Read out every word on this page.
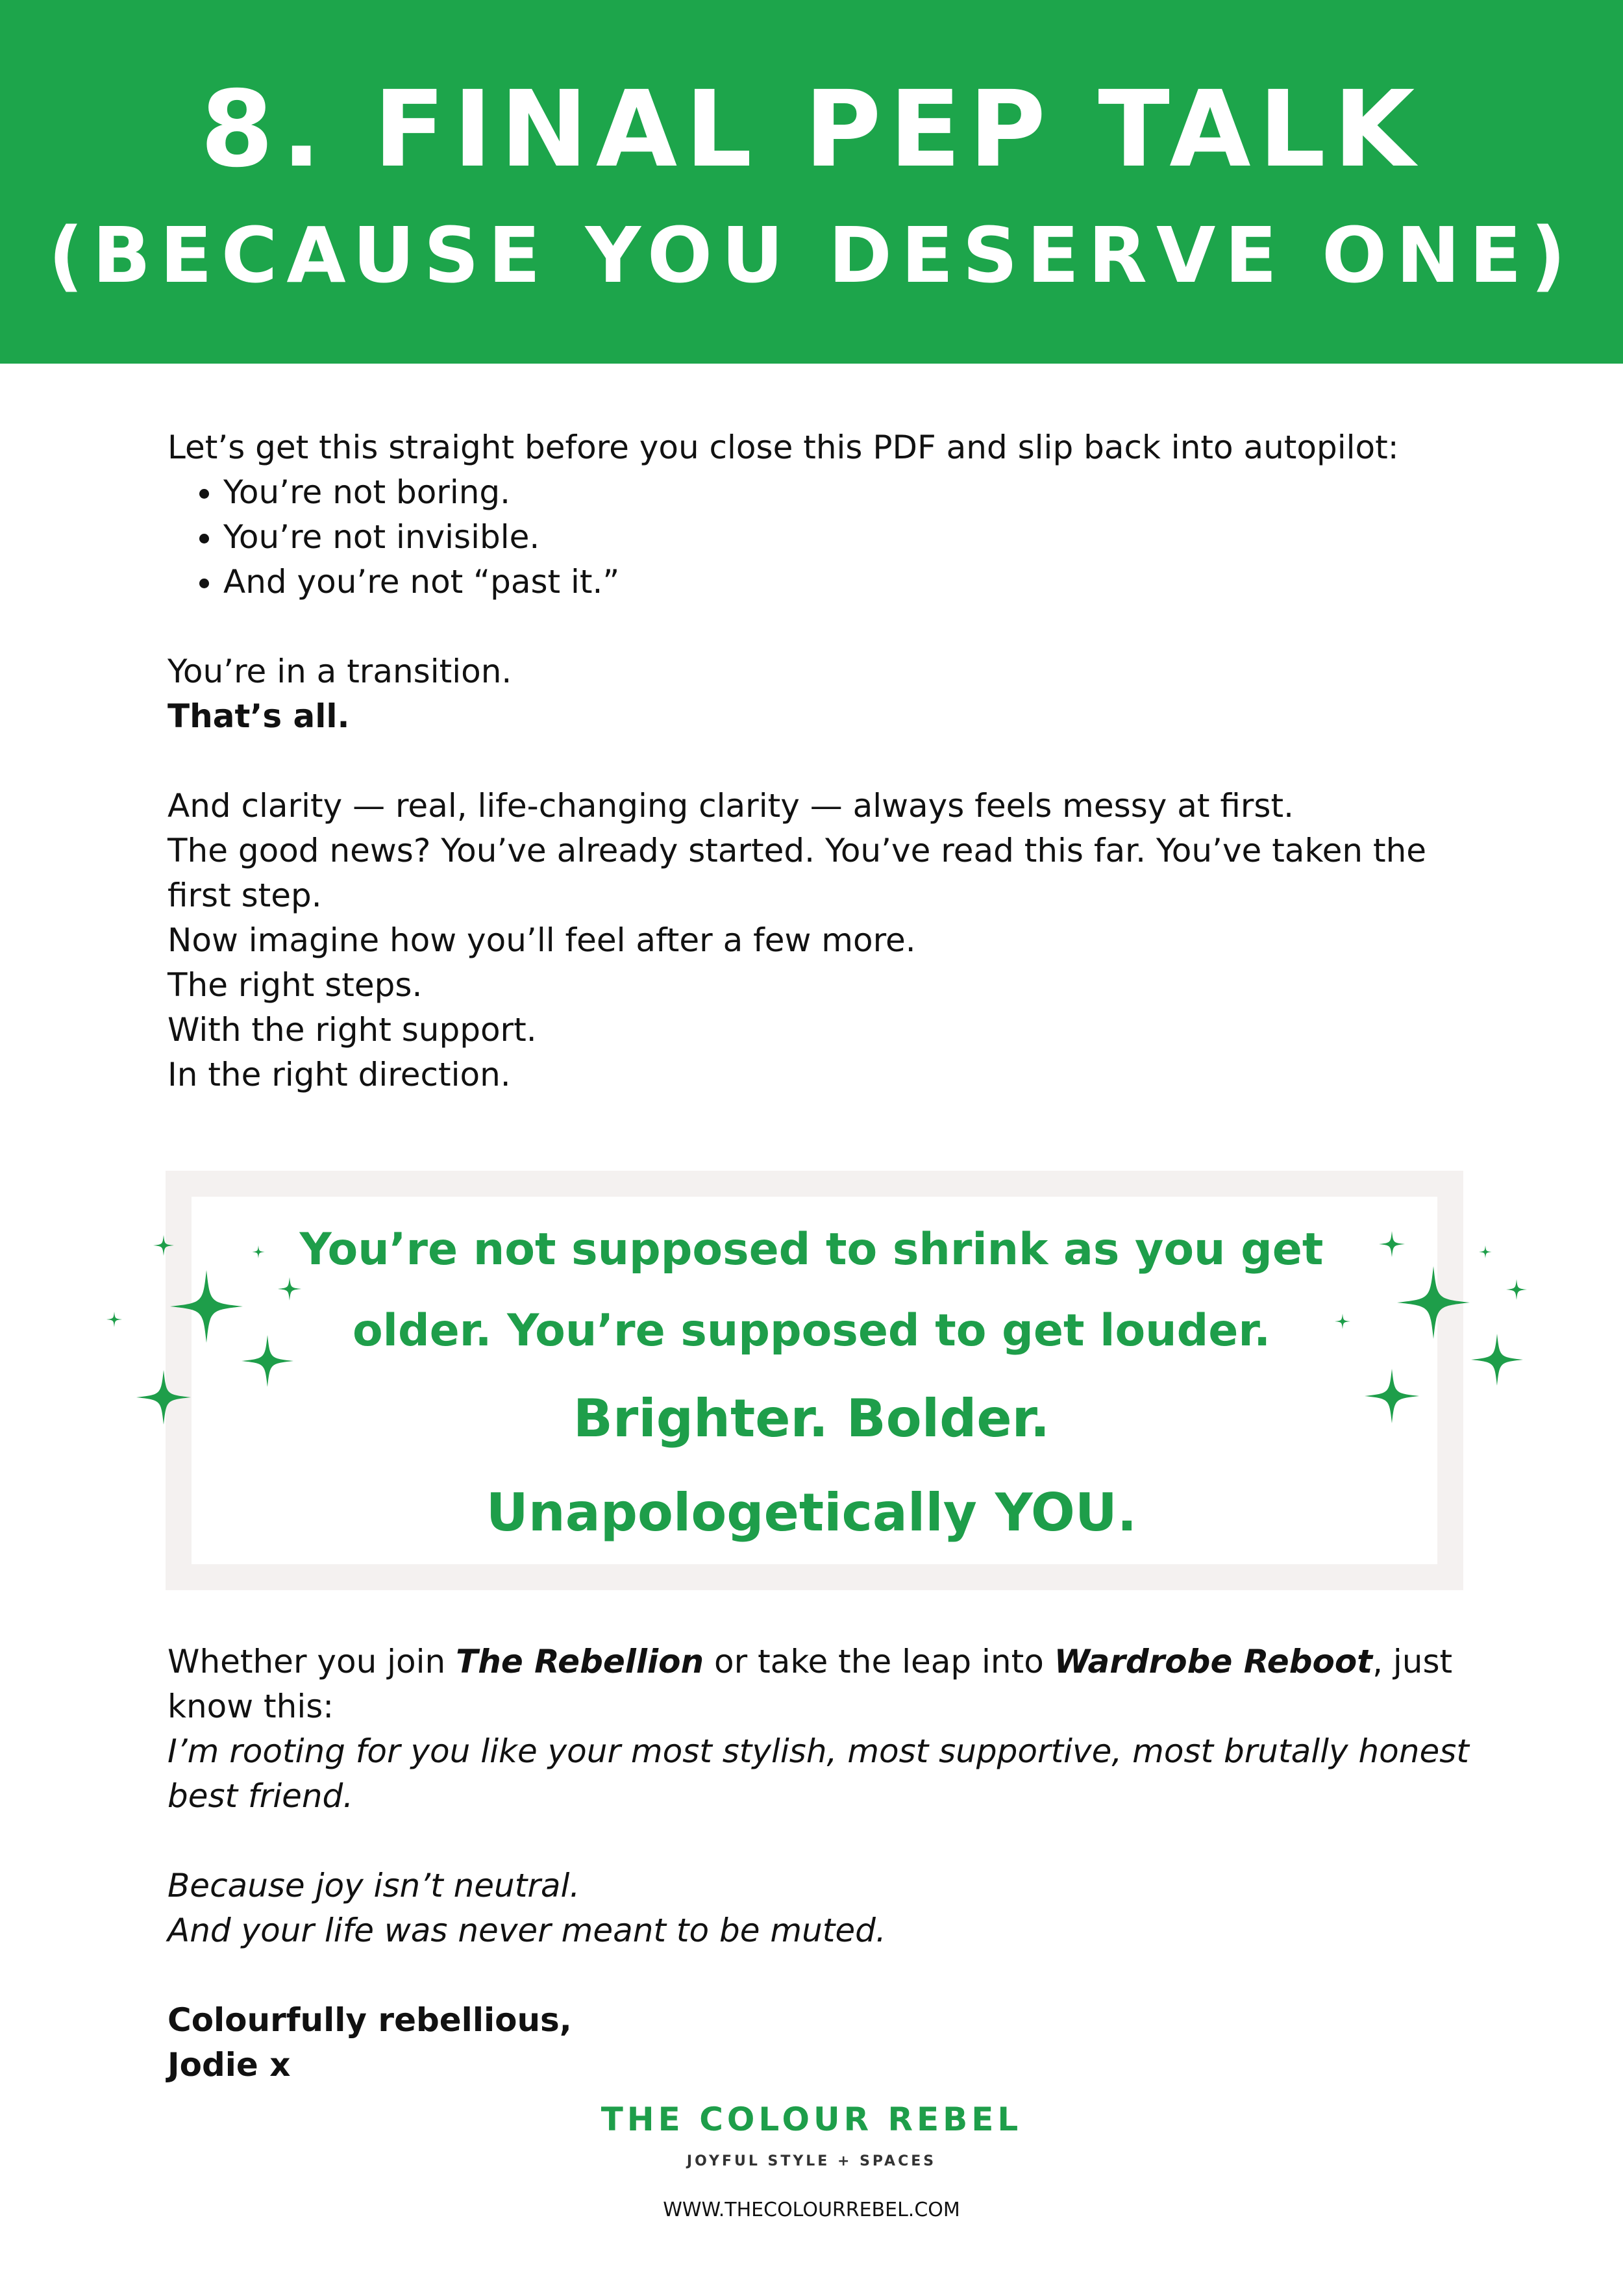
8. FINAL PEP TALK
(BECAUSE YOU DESERVE ONE)

Let’s get this straight before you close this PDF and slip back into autopilot:

• You’re not boring.
• You’re not invisible.
• And you’re not “past it.”

You’re in a transition.

That’s all.

And clarity — real, life-changing clarity — always feels messy at first.

The good news? You’ve already started. You’ve read this far. You’ve taken the first step.

Now imagine how you’ll feel after a few more.

The right steps.

With the right support.

In the right direction.

You’re not supposed to shrink as you get
older. You’re supposed to get louder.
Brighter. Bolder.
Unapologetically YOU.

Whether you join The Rebellion or take the leap into Wardrobe Reboot, just know this:

I’m rooting for you like your most stylish, most supportive, most brutally honest best friend.

Because joy isn’t neutral.

And your life was never meant to be muted.

Colourfully rebellious,

Jodie x

THE COLOUR REBEL
JOYFUL STYLE + SPACES
WWW.THECOLOURREBEL.COM
